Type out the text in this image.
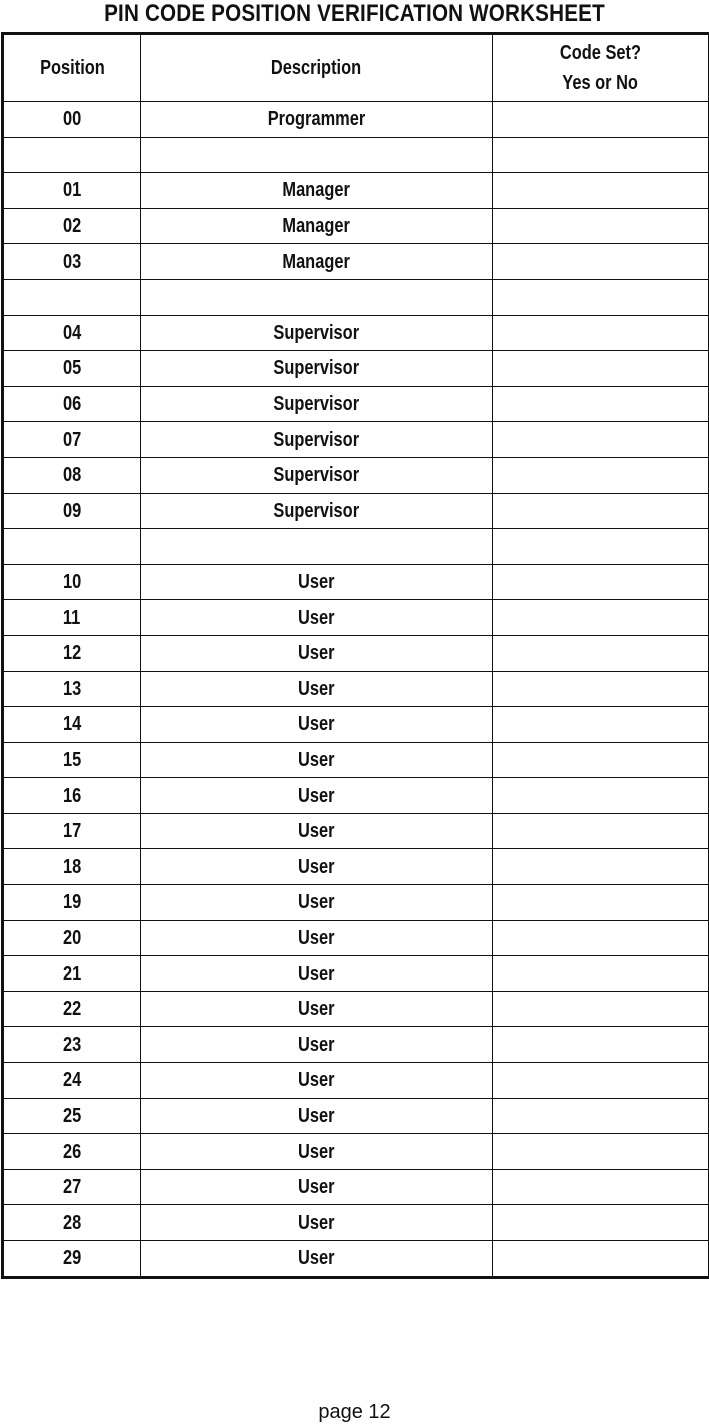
PIN CODE POSITION VERIFICATION WORKSHEET
Position	Description	Code Set?
Yes or No
00	Programmer	

01	Manager	
02	Manager	
03	Manager	

04	Supervisor	
05	Supervisor	
06	Supervisor	
07	Supervisor	
08	Supervisor	
09	Supervisor	

10	User	
11	User	
12	User	
13	User	
14	User	
15	User	
16	User	
17	User	
18	User	
19	User	
20	User	
21	User	
22	User	
23	User	
24	User	
25	User	
26	User	
27	User	
28	User	
29	User	
page 12
